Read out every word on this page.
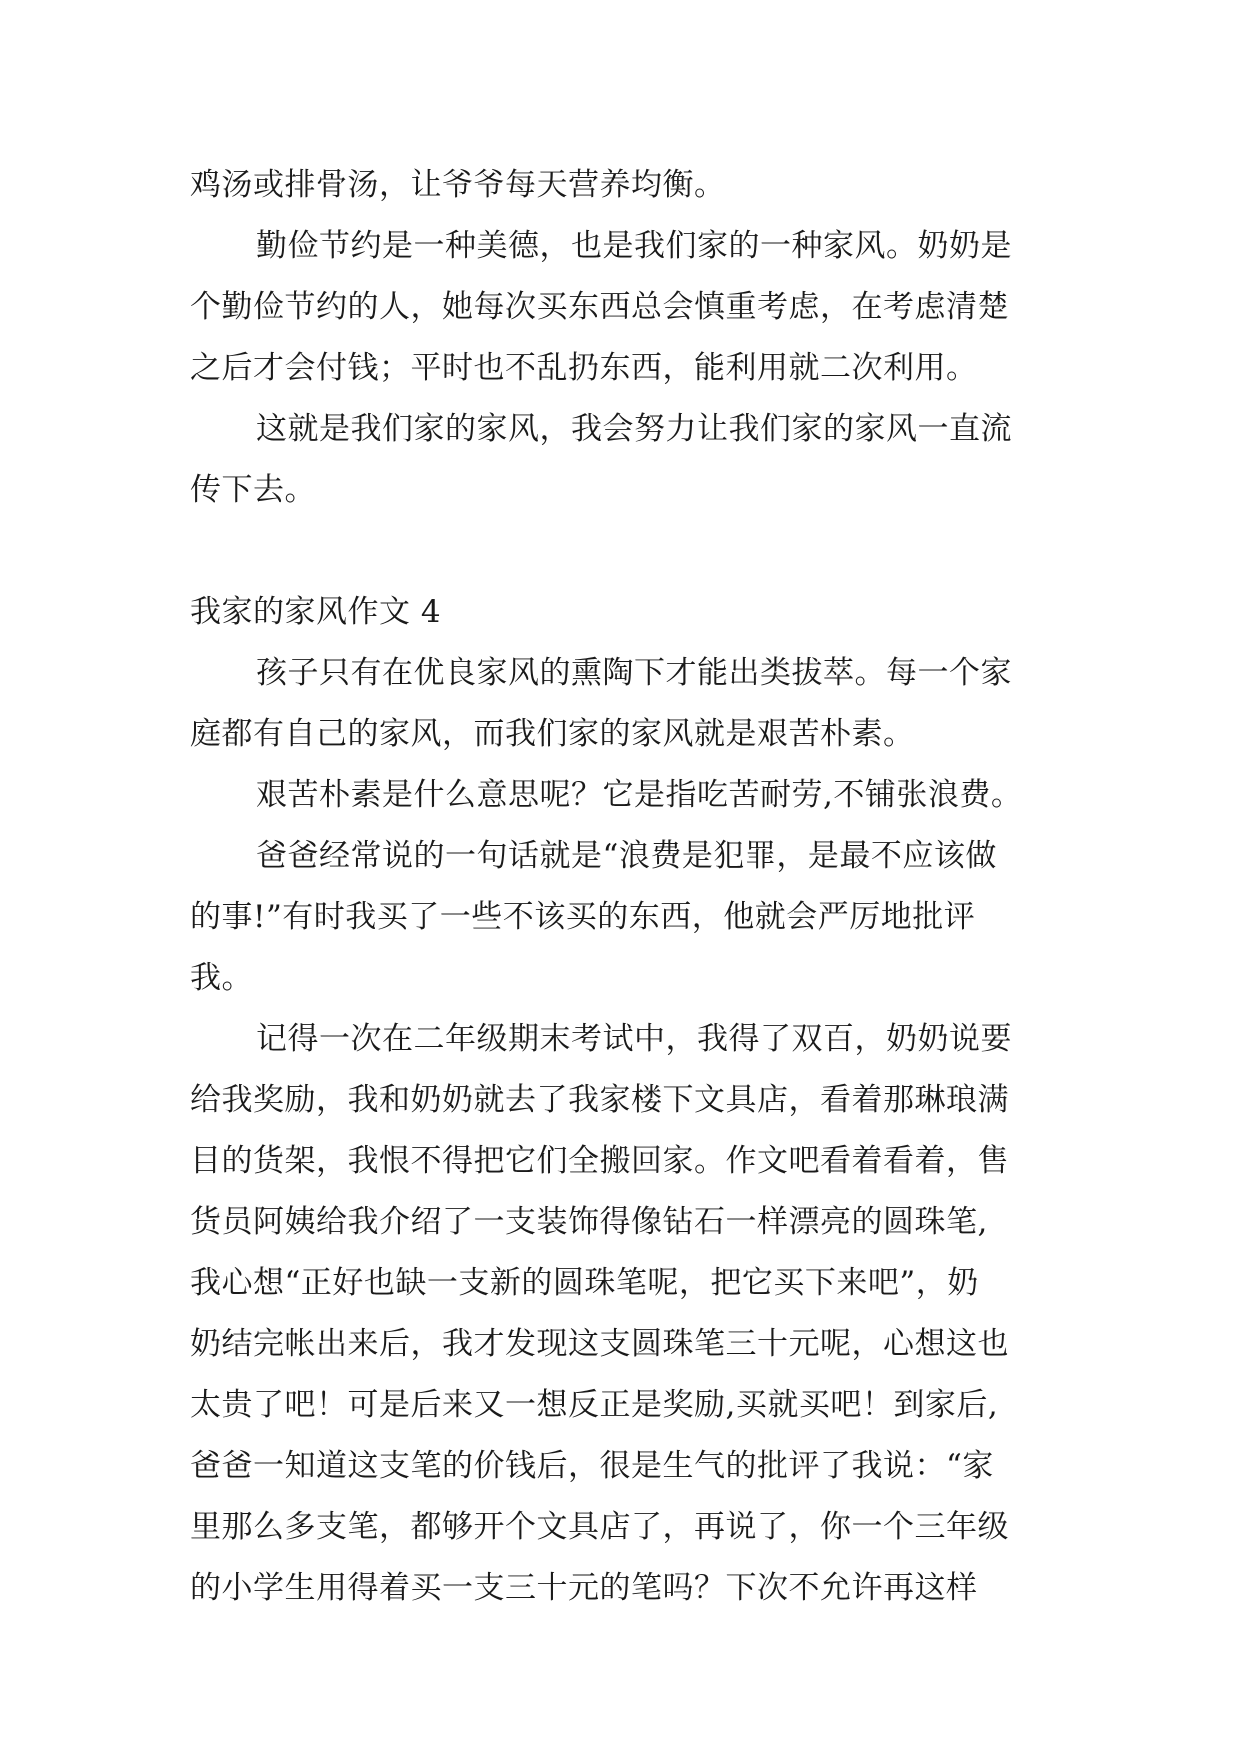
鸡汤或排骨汤，让爷爷每天营养均衡。
勤俭节约是一种美德，也是我们家的一种家风。奶奶是
个勤俭节约的人，她每次买东西总会慎重考虑，在考虑清楚
之后才会付钱；平时也不乱扔东西，能利用就二次利用。
这就是我们家的家风，我会努力让我们家的家风一直流
传下去。
我家的家风作文 4
孩子只有在优良家风的熏陶下才能出类拔萃。每一个家
庭都有自己的家风，而我们家的家风就是艰苦朴素。
艰苦朴素是什么意思呢？它是指吃苦耐劳,不铺张浪费。
爸爸经常说的一句话就是“浪费是犯罪，是最不应该做
的事!”有时我买了一些不该买的东西，他就会严厉地批评
我。
记得一次在二年级期末考试中，我得了双百，奶奶说要
给我奖励，我和奶奶就去了我家楼下文具店，看着那琳琅满
目的货架，我恨不得把它们全搬回家。作文吧看着看着，售
货员阿姨给我介绍了一支装饰得像钻石一样漂亮的圆珠笔,
我心想“正好也缺一支新的圆珠笔呢，把它买下来吧”，奶
奶结完帐出来后，我才发现这支圆珠笔三十元呢，心想这也
太贵了吧！可是后来又一想反正是奖励,买就买吧！到家后,
爸爸一知道这支笔的价钱后，很是生气的批评了我说：“家
里那么多支笔，都够开个文具店了，再说了，你一个三年级
的小学生用得着买一支三十元的笔吗？下次不允许再这样
